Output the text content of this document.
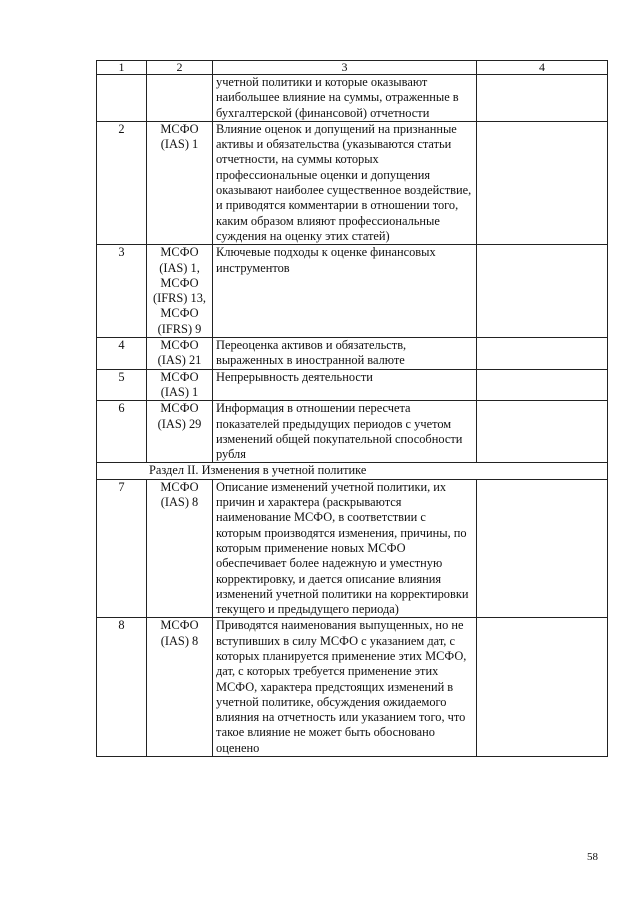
1	2	3	4
		учетной политики и которые оказывают наибольшее влияние на суммы, отраженные в бухгалтерской (финансовой) отчетности	
2	МСФО (IAS) 1	Влияние оценок и допущений на признанные активы и обязательства (указываются статьи отчетности, на суммы которых профессиональные оценки и допущения оказывают наиболее существенное воздействие, и приводятся комментарии в отношении того, каким образом влияют профессиональные суждения на оценку этих статей)	
3	МСФО (IAS) 1, МСФО (IFRS) 13, МСФО (IFRS) 9	Ключевые подходы к оценке финансовых инструментов	
4	МСФО (IAS) 21	Переоценка активов и обязательств, выраженных в иностранной валюте	
5	МСФО (IAS) 1	Непрерывность деятельности	
6	МСФО (IAS) 29	Информация в отношении пересчета показателей предыдущих периодов с учетом изменений общей покупательной способности рубля	
Раздел II. Изменения в учетной политике			
7	МСФО (IAS) 8	Описание изменений учетной политики, их причин и характера (раскрываются наименование МСФО, в соответствии с которым производятся изменения, причины, по которым применение новых МСФО обеспечивает более надежную и уместную корректировку, и дается описание влияния изменений учетной политики на корректировки текущего и предыдущего периода)	
8	МСФО (IAS) 8	Приводятся наименования выпущенных, но не вступивших в силу МСФО с указанием дат, с которых планируется применение этих МСФО, дат, с которых требуется применение этих МСФО, характера предстоящих изменений в учетной политике, обсуждения ожидаемого влияния на отчетность или указанием того, что такое влияние не может быть обосновано оценено	
58
